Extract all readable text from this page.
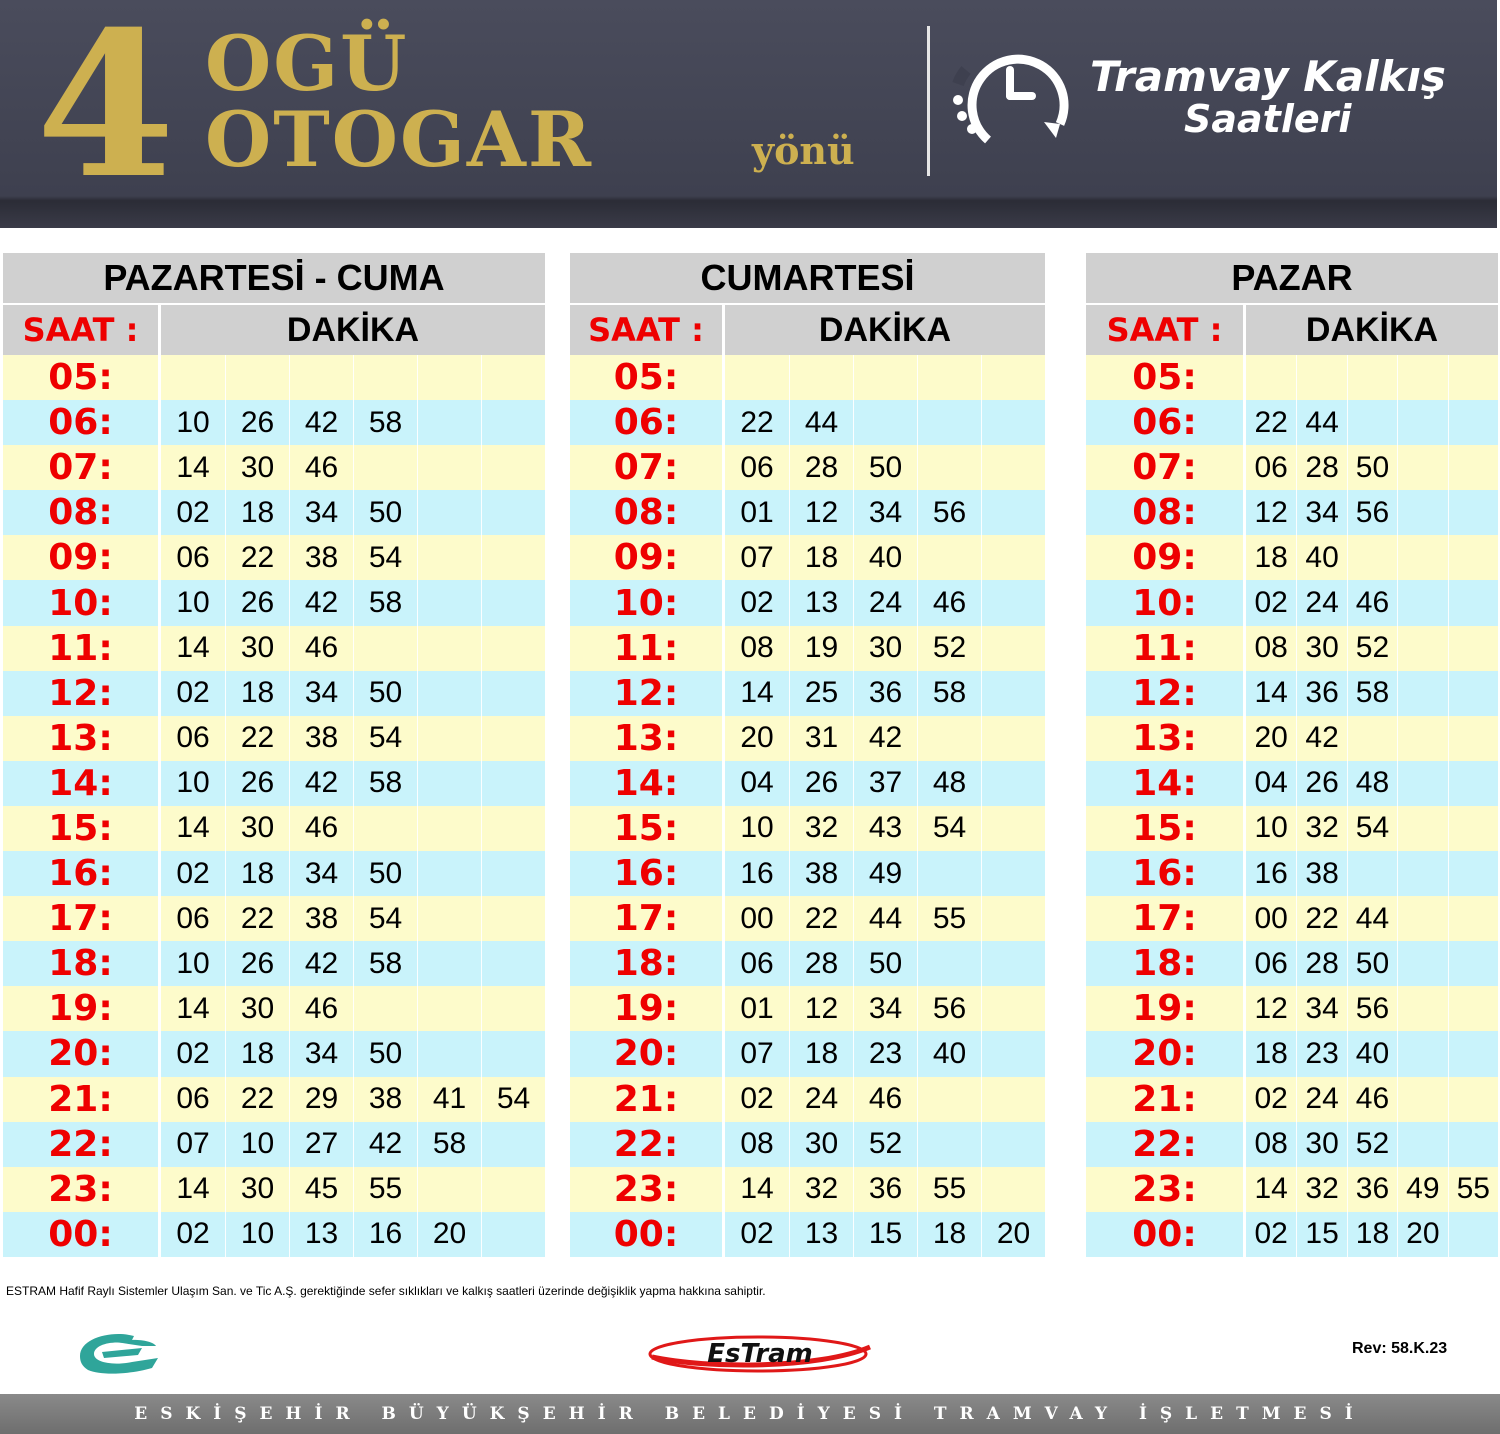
4 OGÜ
OTOGAR	yönü
Tramvay Kalkış
Saatleri
PAZARTESİ - CUMA
SAAT :	DAKİKA
05:
06:	10	26	42	58
07:	14	30	46
08:	02	18	34	50
09:	06	22	38	54
10:	10	26	42	58
11:	14	30	46
12:	02	18	34	50
13:	06	22	38	54
14:	10	26	42	58
15:	14	30	46
16:	02	18	34	50
17:	06	22	38	54
18:	10	26	42	58
19:	14	30	46
20:	02	18	34	50
21:	06	22	29	38	41	54
22:	07	10	27	42	58
23:	14	30	45	55
00:	02	10	13	16	20
CUMARTESİ
SAAT :	DAKİKA
05:
06:	22	44
07:	06	28	50
08:	01	12	34	56
09:	07	18	40
10:	02	13	24	46
11:	08	19	30	52
12:	14	25	36	58
13:	20	31	42
14:	04	26	37	48
15:	10	32	43	54
16:	16	38	49
17:	00	22	44	55
18:	06	28	50
19:	01	12	34	56
20:	07	18	23	40
21:	02	24	46
22:	08	30	52
23:	14	32	36	55
00:	02	13	15	18	20
PAZAR
SAAT :	DAKİKA
05:
06:	22 44
07:	06 28 50
08:	12 34 56
09:	18 40
10:	02 24 46
11:	08 30 52
12:	14 36 58
13:	20 42
14:	04 26 48
15:	10 32 54
16:	16 38
17:	00 22 44
18:	06 28 50
19:	12 34 56
20:	18 23 40
21:	02 24 46
22:	08 30 52
23:	14 32 36 49 55
00:	02 15 18 20
ESTRAM Hafif Raylı Sistemler Ulaşım San. ve Tic A.Ş. gerektiğinde sefer sıklıkları ve kalkış saatleri üzerinde değişiklik yapma hakkına sahiptir.
EsTram	Rev: 58.K.23
ESKİŞEHİR BÜYÜKŞEHİR BELEDİYESİ TRAMVAY İŞLETMESİ
